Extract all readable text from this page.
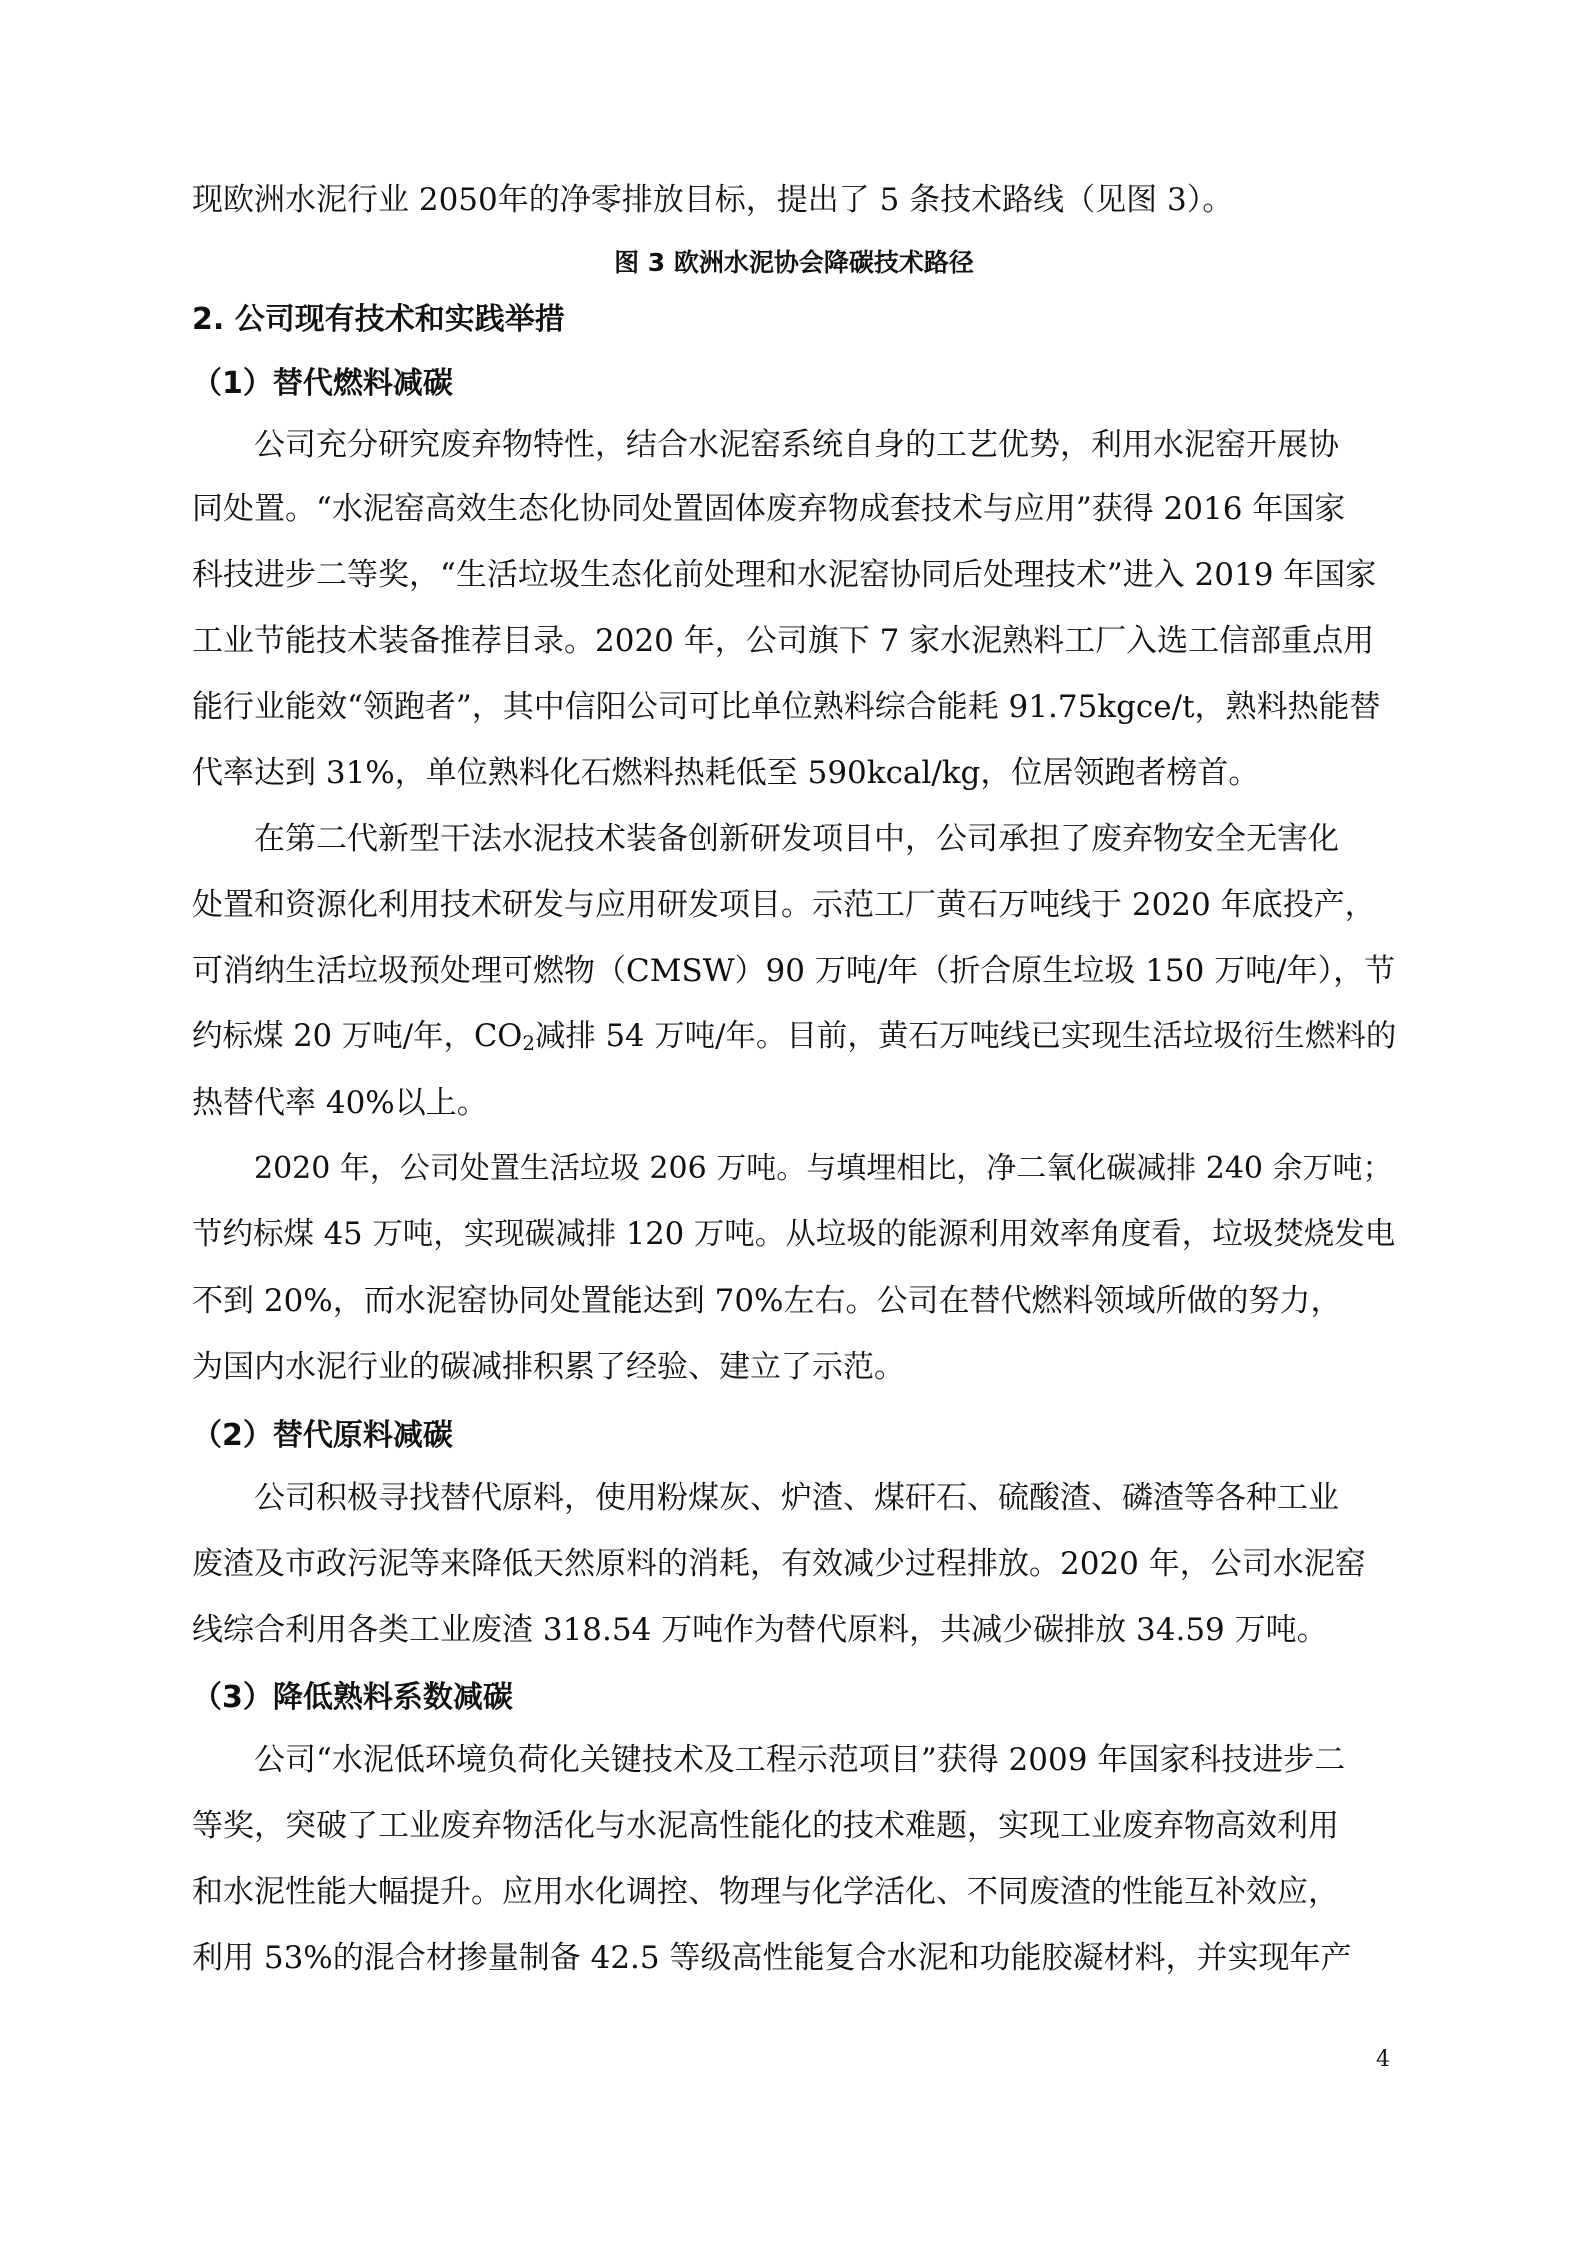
现欧洲水泥行业 2050年的净零排放目标，提出了 5 条技术路线（见图 3）。
图 3 欧洲水泥协会降碳技术路径
2. 公司现有技术和实践举措
（1）替代燃料减碳
公司充分研究废弃物特性，结合水泥窑系统自身的工艺优势，利用水泥窑开展协
同处置。“水泥窑高效生态化协同处置固体废弃物成套技术与应用”获得 2016 年国家
科技进步二等奖，“生活垃圾生态化前处理和水泥窑协同后处理技术”进入 2019 年国家
工业节能技术装备推荐目录。2020 年，公司旗下 7 家水泥熟料工厂入选工信部重点用
能行业能效“领跑者”，其中信阳公司可比单位熟料综合能耗 91.75kgce/t，熟料热能替
代率达到 31%，单位熟料化石燃料热耗低至 590kcal/kg，位居领跑者榜首。
在第二代新型干法水泥技术装备创新研发项目中，公司承担了废弃物安全无害化
处置和资源化利用技术研发与应用研发项目。示范工厂黄石万吨线于 2020 年底投产，
可消纳生活垃圾预处理可燃物（CMSW）90 万吨/年（折合原生垃圾 150 万吨/年），节
约标煤 20 万吨/年，$CO_2$减排 54 万吨/年。目前，黄石万吨线已实现生活垃圾衍生燃料的
热替代率 40%以上。
2020 年，公司处置生活垃圾 206 万吨。与填埋相比，净二氧化碳减排 240 余万吨；
节约标煤 45 万吨，实现碳减排 120 万吨。从垃圾的能源利用效率角度看，垃圾焚烧发电
不到 20%，而水泥窑协同处置能达到 70%左右。公司在替代燃料领域所做的努力，
为国内水泥行业的碳减排积累了经验、建立了示范。
（2）替代原料减碳
公司积极寻找替代原料，使用粉煤灰、炉渣、煤矸石、硫酸渣、磷渣等各种工业
废渣及市政污泥等来降低天然原料的消耗，有效减少过程排放。2020 年，公司水泥窑
线综合利用各类工业废渣 318.54 万吨作为替代原料，共减少碳排放 34.59 万吨。
（3）降低熟料系数减碳
公司“水泥低环境负荷化关键技术及工程示范项目”获得 2009 年国家科技进步二
等奖，突破了工业废弃物活化与水泥高性能化的技术难题，实现工业废弃物高效利用
和水泥性能大幅提升。应用水化调控、物理与化学活化、不同废渣的性能互补效应，
利用 53%的混合材掺量制备 42.5 等级高性能复合水泥和功能胶凝材料，并实现年产
4
